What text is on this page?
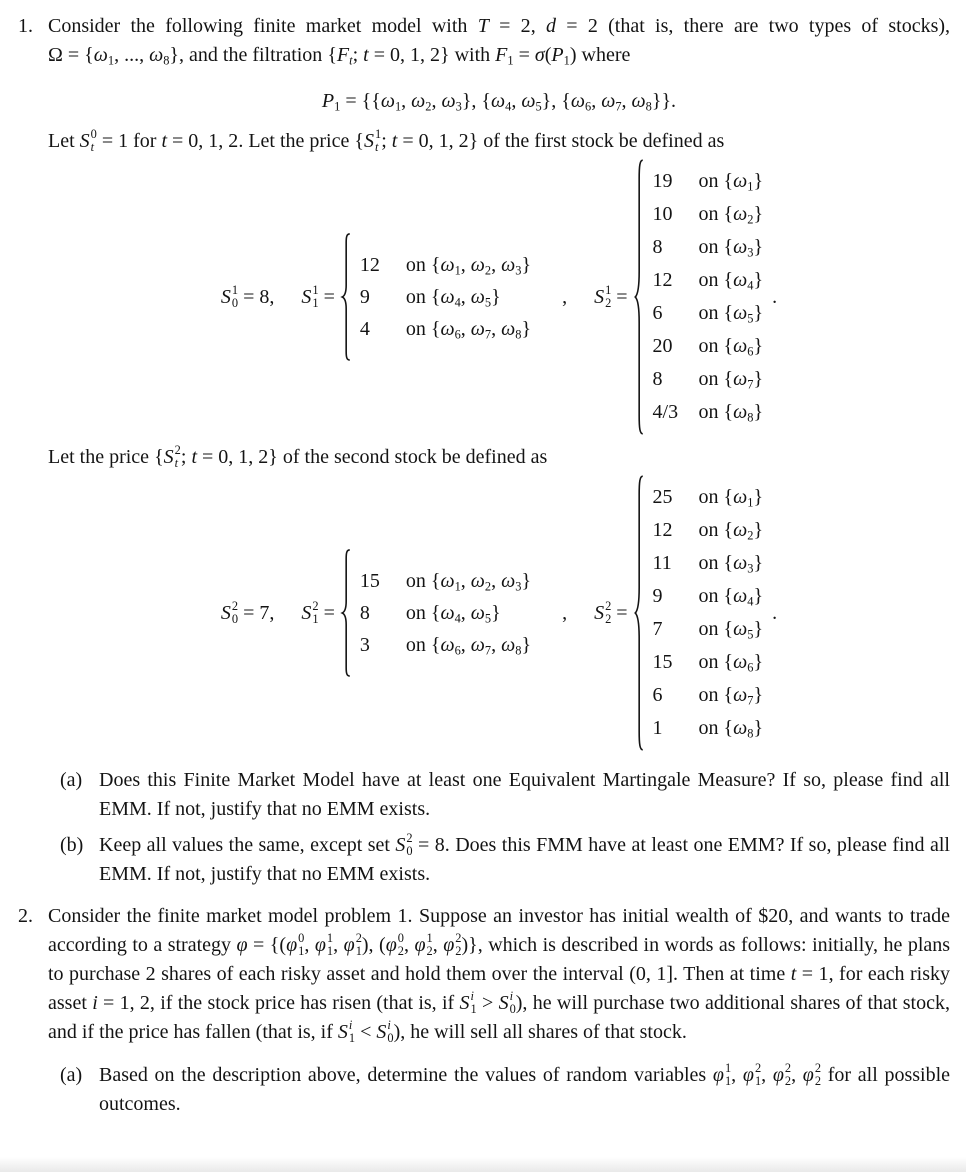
1. Consider the following finite market model with T = 2, d = 2 (that is, there are two types of stocks), $\Omega = \{\omega_1$, ..., $\omega_8$}, and the filtration {$F_t$; t = 0, 1, 2} with $F_1 = \sigma(P_1)$ where

$P_1 = \{\{\omega_1$, $\omega_2$, $\omega_3$}, {$\omega_4$, $\omega_5$}, {$\omega_6$, $\omega_7$, $\omega_8$}}.

Let S 0
t = 1 for t = 0, 1, 2. Let the price {S 1
t ; t = 0, 1, 2} of the first stock be defined as

S 1
0 = 8, S 1
1 =
12	on {$\omega_1$, $\omega_2$, $\omega_3$}
9	on {$\omega_4$, $\omega_5$}
4	on {$\omega_6$, $\omega_7$, $\omega_8$}
, S 1
2 =
19	on $\{\omega_1\}$
10	on $\{\omega_2\}$
8	on $\{\omega_3\}$
12	on $\{\omega_4\}$
6	on $\{\omega_5\}$
20	on $\{\omega_6\}$
8	on $\{\omega_7\}$
4/3	on $\{\omega_8\}$
.

Let the price {S 2
t ; t = 0, 1, 2} of the second stock be defined as

S 2
0 = 7, S 2
1 =
15	on {$\omega_1$, $\omega_2$, $\omega_3$}
8	on {$\omega_4$, $\omega_5$}
3	on {$\omega_6$, $\omega_7$, $\omega_8$}
, S 2
2 =
25	on $\{\omega_1\}$
12	on $\{\omega_2\}$
11	on $\{\omega_3\}$
9	on $\{\omega_4\}$
7	on $\{\omega_5\}$
15	on $\{\omega_6\}$
6	on $\{\omega_7\}$
1	on $\{\omega_8\}$
.
(a) Does this Finite Market Model have at least one Equivalent Martingale Measure? If so, please find all EMM. If not, justify that no EMM exists.

(b) Keep all values the same, except set S 2
0 = 8. Does this FMM have at least one EMM? If so, please find all EMM. If not, justify that no EMM exists.

2. Consider the finite market model problem 1. Suppose an investor has initial wealth of $20, and wants to trade according to a strategy φ = {(φ 0
1 , φ 1
1 , φ 2
1 ), (φ 0
2 , φ 1
2 , φ 2
2 )}, which is described in words as follows: initially, he plans to purchase 2 shares of each risky asset and hold them over the interval (0, 1]. Then at time t = 1, for each risky asset i = 1, 2, if the stock price has risen (that is, if S i
1 > S i
0 ), he will purchase two additional shares of that stock, and if the price has fallen (that is, if S i
1 < S i
0 ), he will sell all shares of that stock.

(a) Based on the description above, determine the values of random variables φ 1
1 , φ 2
1 , φ 2
2 , φ 2
2 for all possible outcomes.
